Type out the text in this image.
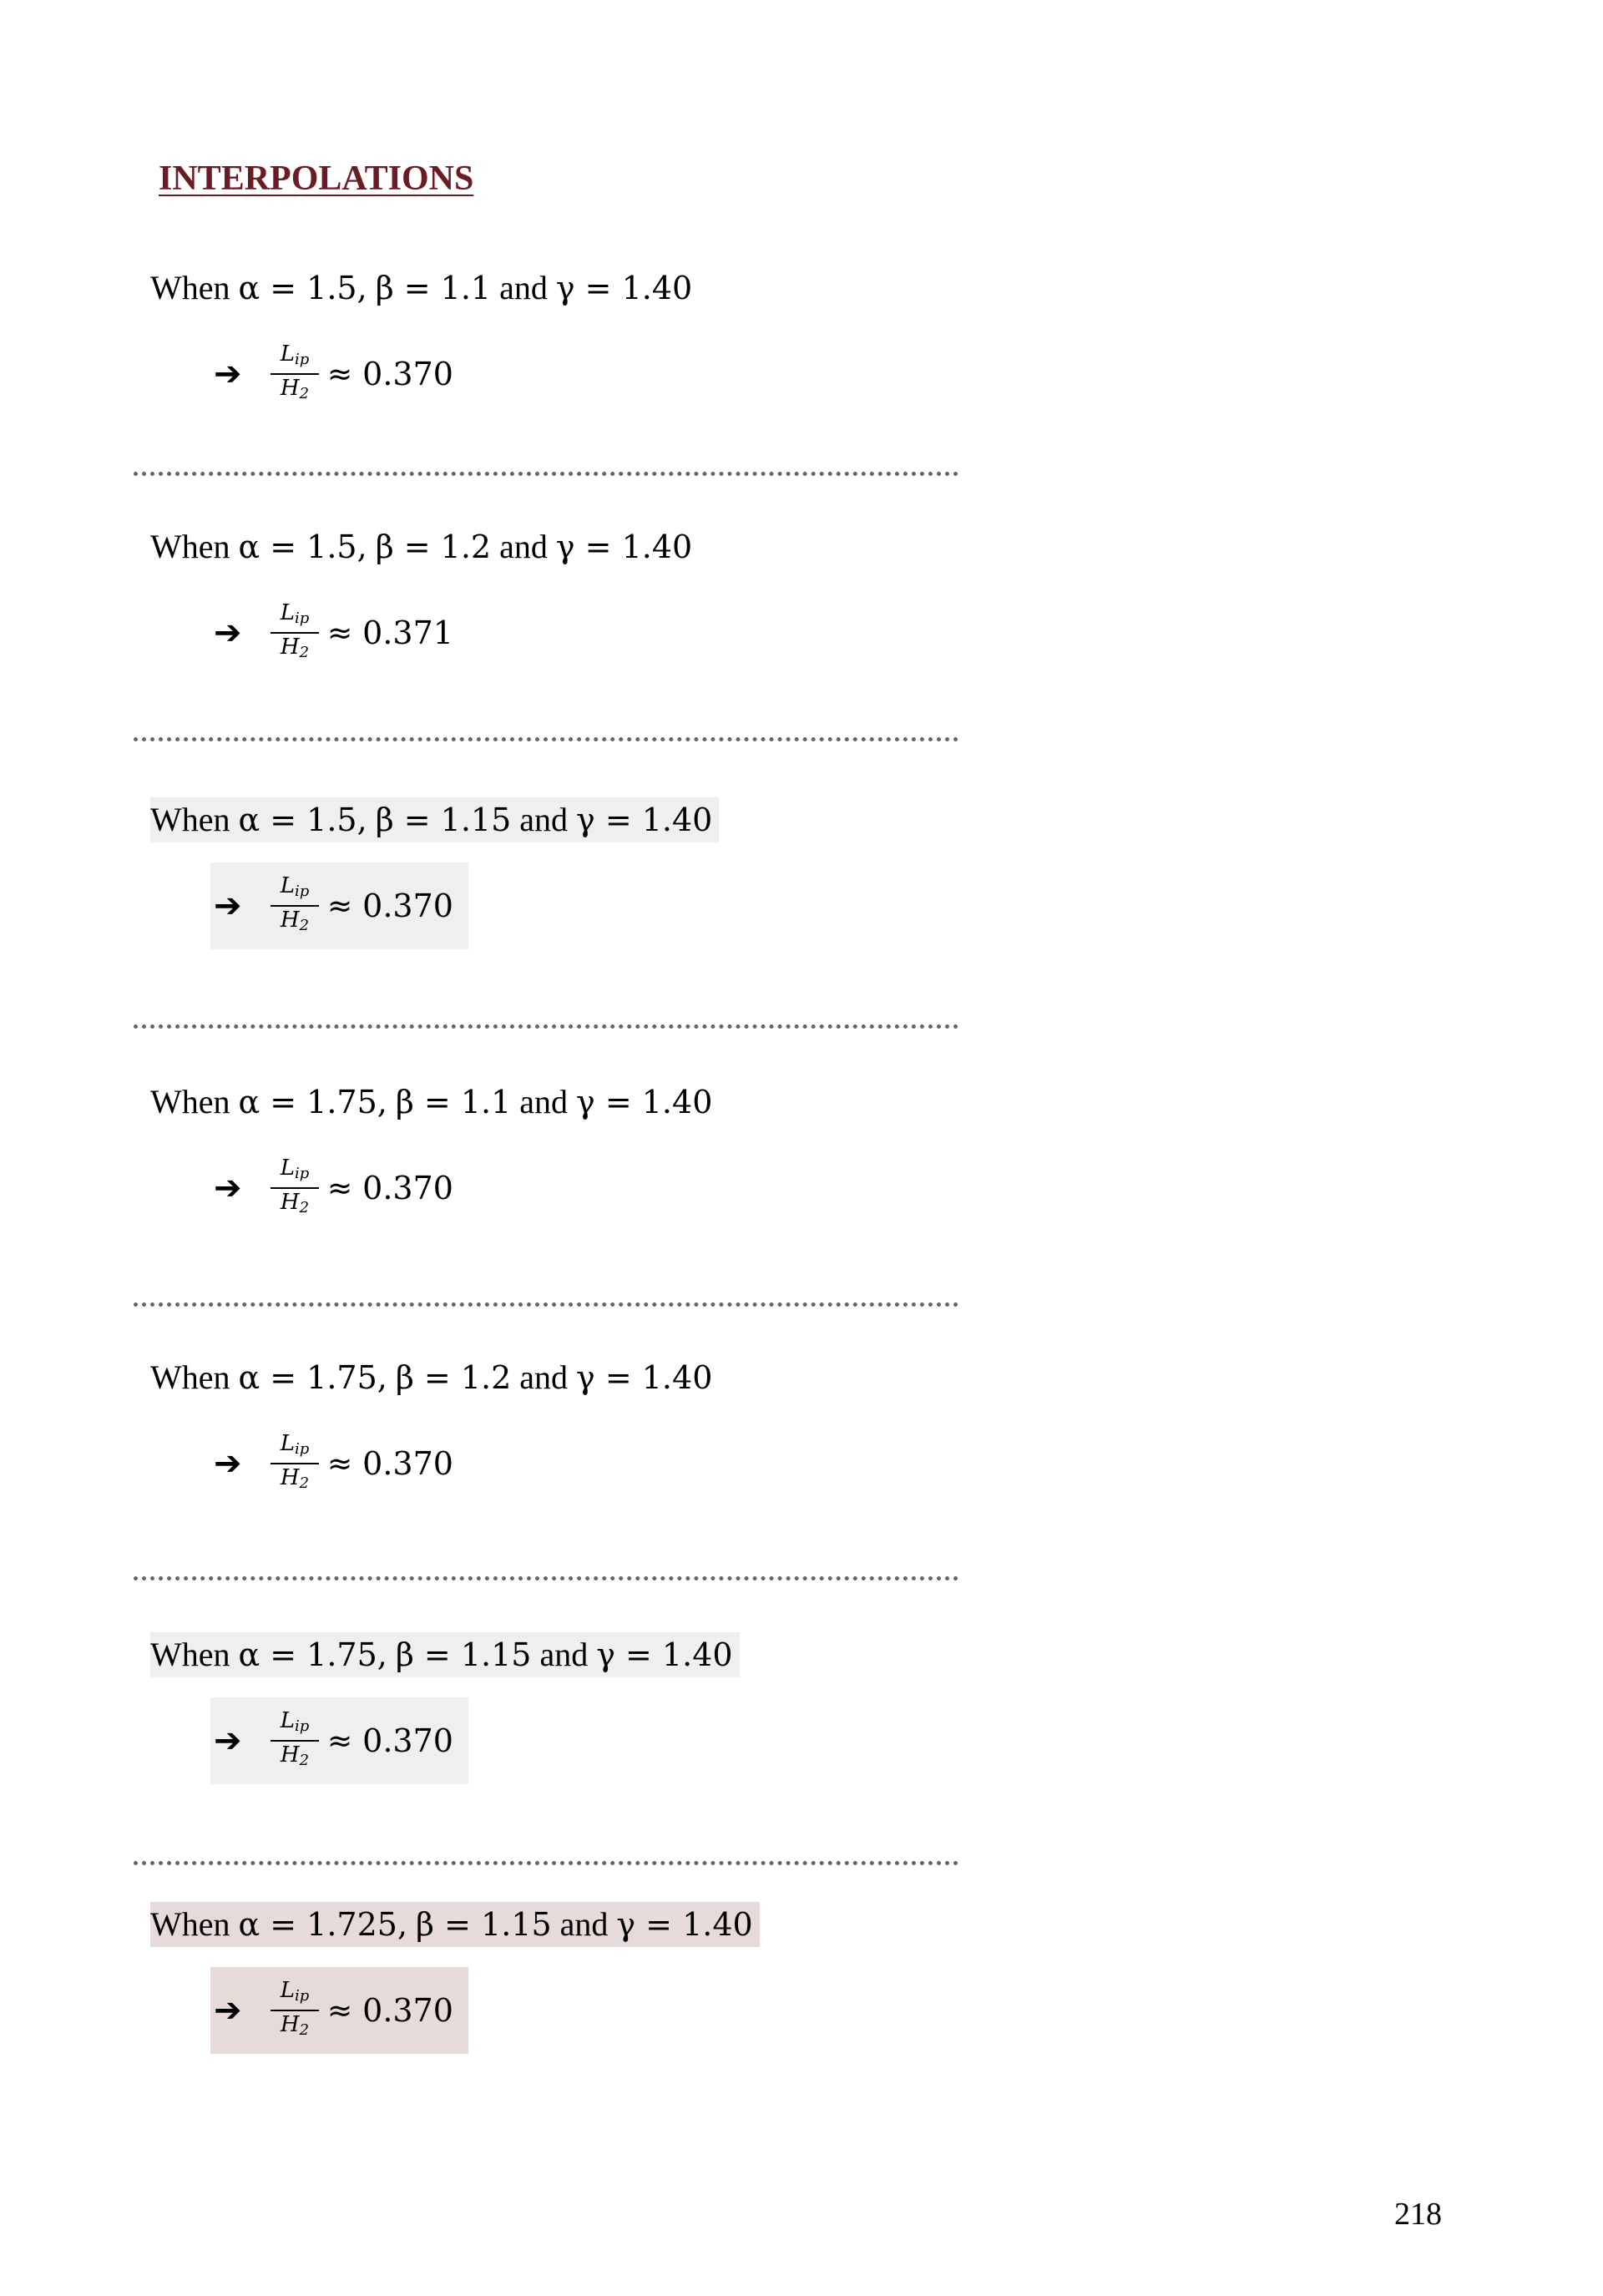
INTERPOLATIONS
When α = 1.5, β = 1.1 and γ = 1.40
➔	$\frac{L_{ip}}{H_2} \approx 0.370$
When α = 1.5, β = 1.2 and γ = 1.40
➔	$\frac{L_{ip}}{H_2} \approx 0.371$
When α = 1.5, β = 1.15 and γ = 1.40
➔	$\frac{L_{ip}}{H_2} \approx 0.370$
When α = 1.75, β = 1.1 and γ = 1.40
➔	$\frac{L_{ip}}{H_2} \approx 0.370$
When α = 1.75, β = 1.2 and γ = 1.40
➔	$\frac{L_{ip}}{H_2} \approx 0.370$
When α = 1.75, β = 1.15 and γ = 1.40
➔	$\frac{L_{ip}}{H_2} \approx 0.370$
When α = 1.725, β = 1.15 and γ = 1.40
➔	$\frac{L_{ip}}{H_2} \approx 0.370$
218
